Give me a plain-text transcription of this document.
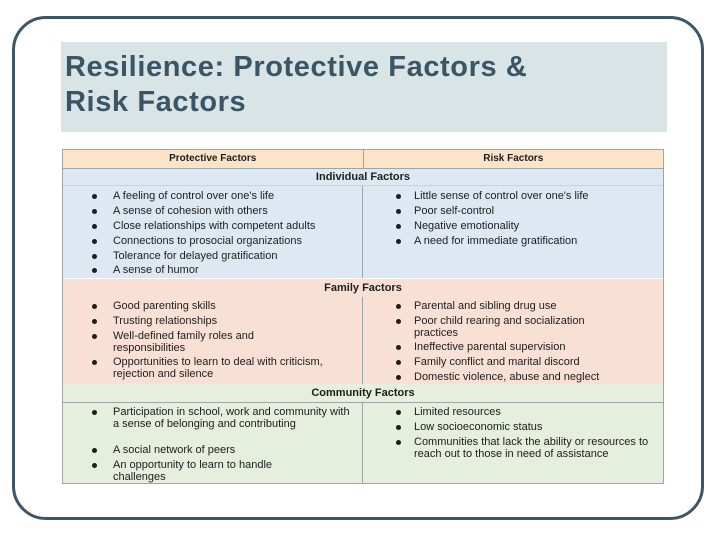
Resilience: Protective Factors &
Risk Factors
Protective Factors	Risk Factors
Individual Factors
A feeling of control over one's life
A sense of cohesion with others
Close relationships with competent adults
Connections to prosocial organizations
Tolerance for delayed gratification
A sense of humor
Little sense of control over one's life
Poor self-control
Negative emotionality
A need for immediate gratification
Family Factors
Good parenting skills
Trusting relationships
Well-defined family roles and responsibilities
Opportunities to learn to deal with criticism, rejection and silence
Parental and sibling drug use
Poor child rearing and socialization practices
Ineffective parental supervision
Family conflict and marital discord
Domestic violence, abuse and neglect
Community Factors
Participation in school, work and community with a sense of belonging and contributing
A social network of peers
An opportunity to learn to handle challenges
Limited resources
Low socioeconomic status
Communities that lack the ability or resources to reach out to those in need of assistance
